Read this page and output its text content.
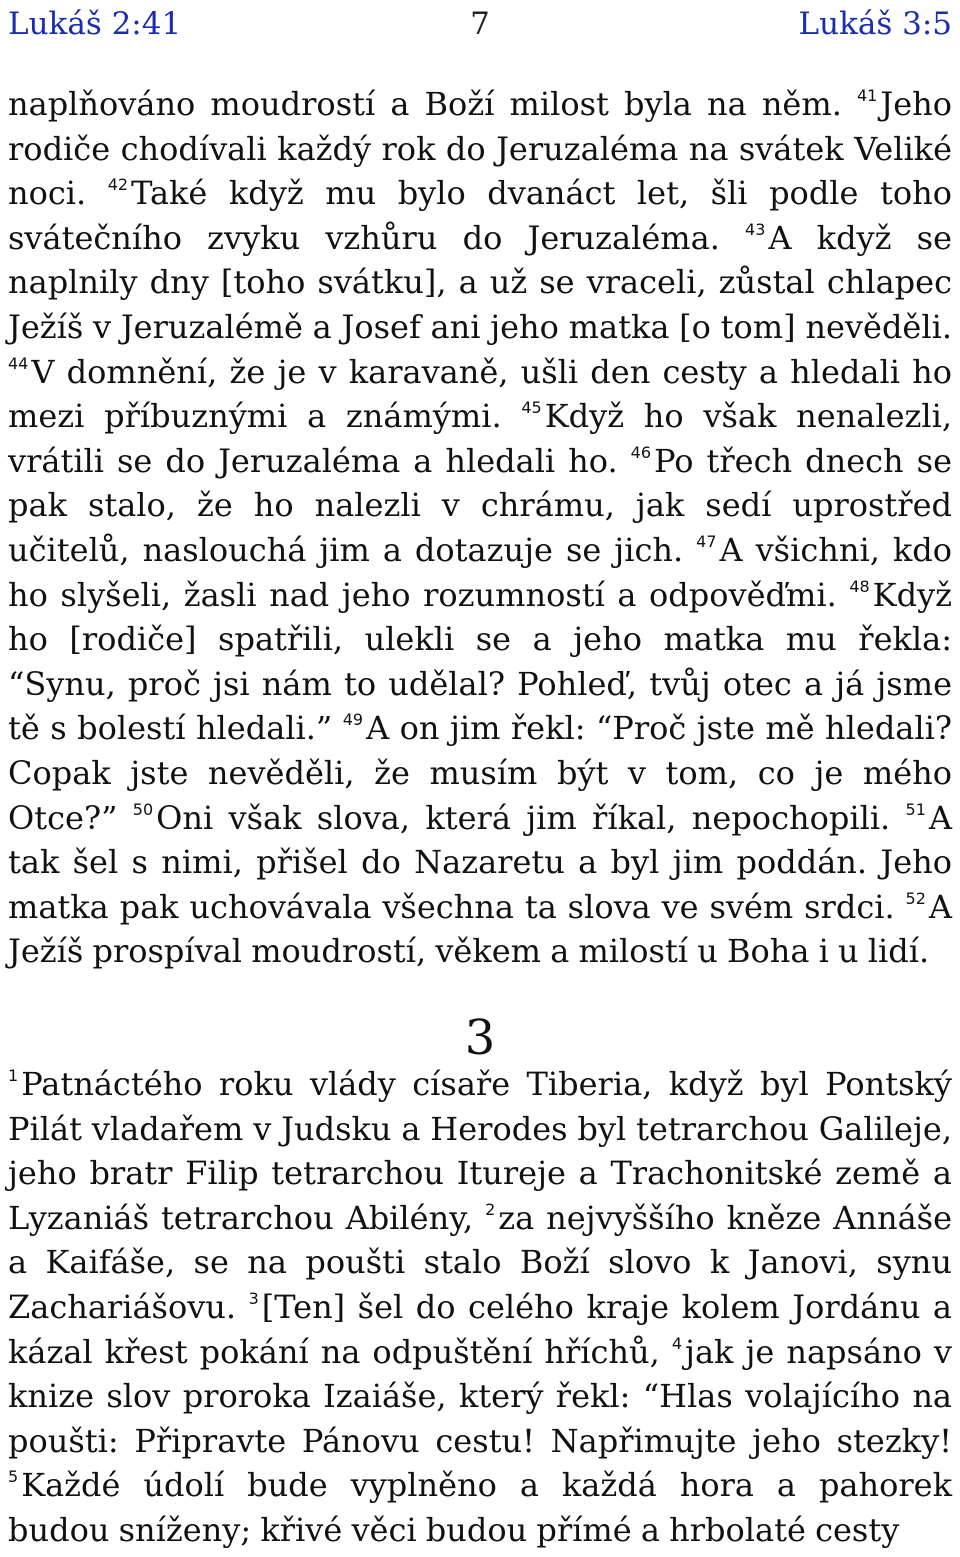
Lukáš 2:41	7	Lukáš 3:5

naplňováno moudrostí a Boží milost byla na něm. $^{41}$Jeho rodiče chodívali každý rok do Jeruzaléma na svátek Veliké noci. $^{42}$Také když mu bylo dvanáct let, šli podle toho svátečního zvyku vzhůru do Jeruzaléma. $^{43}$A když se naplnily dny [toho svátku], a už se vraceli, zůstal chlapec Ježíš v Jeruzalémě a Josef ani jeho matka [o tom] nevěděli. $^{44}$V domnění, že je v karavaně, ušli den cesty a hledali ho mezi příbuznými a známými. $^{45}$Když ho však nenalezli, vrátili se do Jeruzaléma a hledali ho. $^{46}$Po třech dnech se pak stalo, že ho nalezli v chrámu, jak sedí uprostřed učitelů, naslouchá jim a dotazuje se jich. $^{47}$A všichni, kdo ho slyšeli, žasli nad jeho rozumností a odpověďmi. $^{48}$Když ho [rodiče] spatřili, ulekli se a jeho matka mu řekla: “Synu, proč jsi nám to udělal? Pohleď, tvůj otec a já jsme tě s bolestí hledali.” $^{49}$A on jim řekl: “Proč jste mě hledali? Copak jste nevěděli, že musím být v tom, co je mého Otce?” $^{50}$Oni však slova, která jim říkal, nepochopili. $^{51}$A tak šel s nimi, přišel do Nazaretu a byl jim poddán. Jeho matka pak uchovávala všechna ta slova ve svém srdci. $^{52}$A Ježíš prospíval moudrostí, věkem a milostí u Boha i u lidí.

3

$^1$Patnáctého roku vlády císaře Tiberia, když byl Pontský Pilát vladařem v Judsku a Herodes byl tetrarchou Galileje, jeho bratr Filip tetrarchou Itureje a Trachonitské země a Lyzaniáš tetrarchou Abilény, $^2$za nejvyššího kněze Annáše a Kaifáše, se na poušti stalo Boží slovo k Janovi, synu Zachariášovu. $^3$[Ten] šel do celého kraje kolem Jordánu a kázal křest pokání na odpuštění hříchů, $^4$jak je napsáno v knize slov proroka Izaiáše, který řekl: “Hlas volajícího na poušti: Připravte Pánovu cestu! Napřimujte jeho stezky! $^5$Každé údolí bude vyplněno a každá hora a pahorek budou sníženy; křivé věci budou přímé a hrbolaté cesty
